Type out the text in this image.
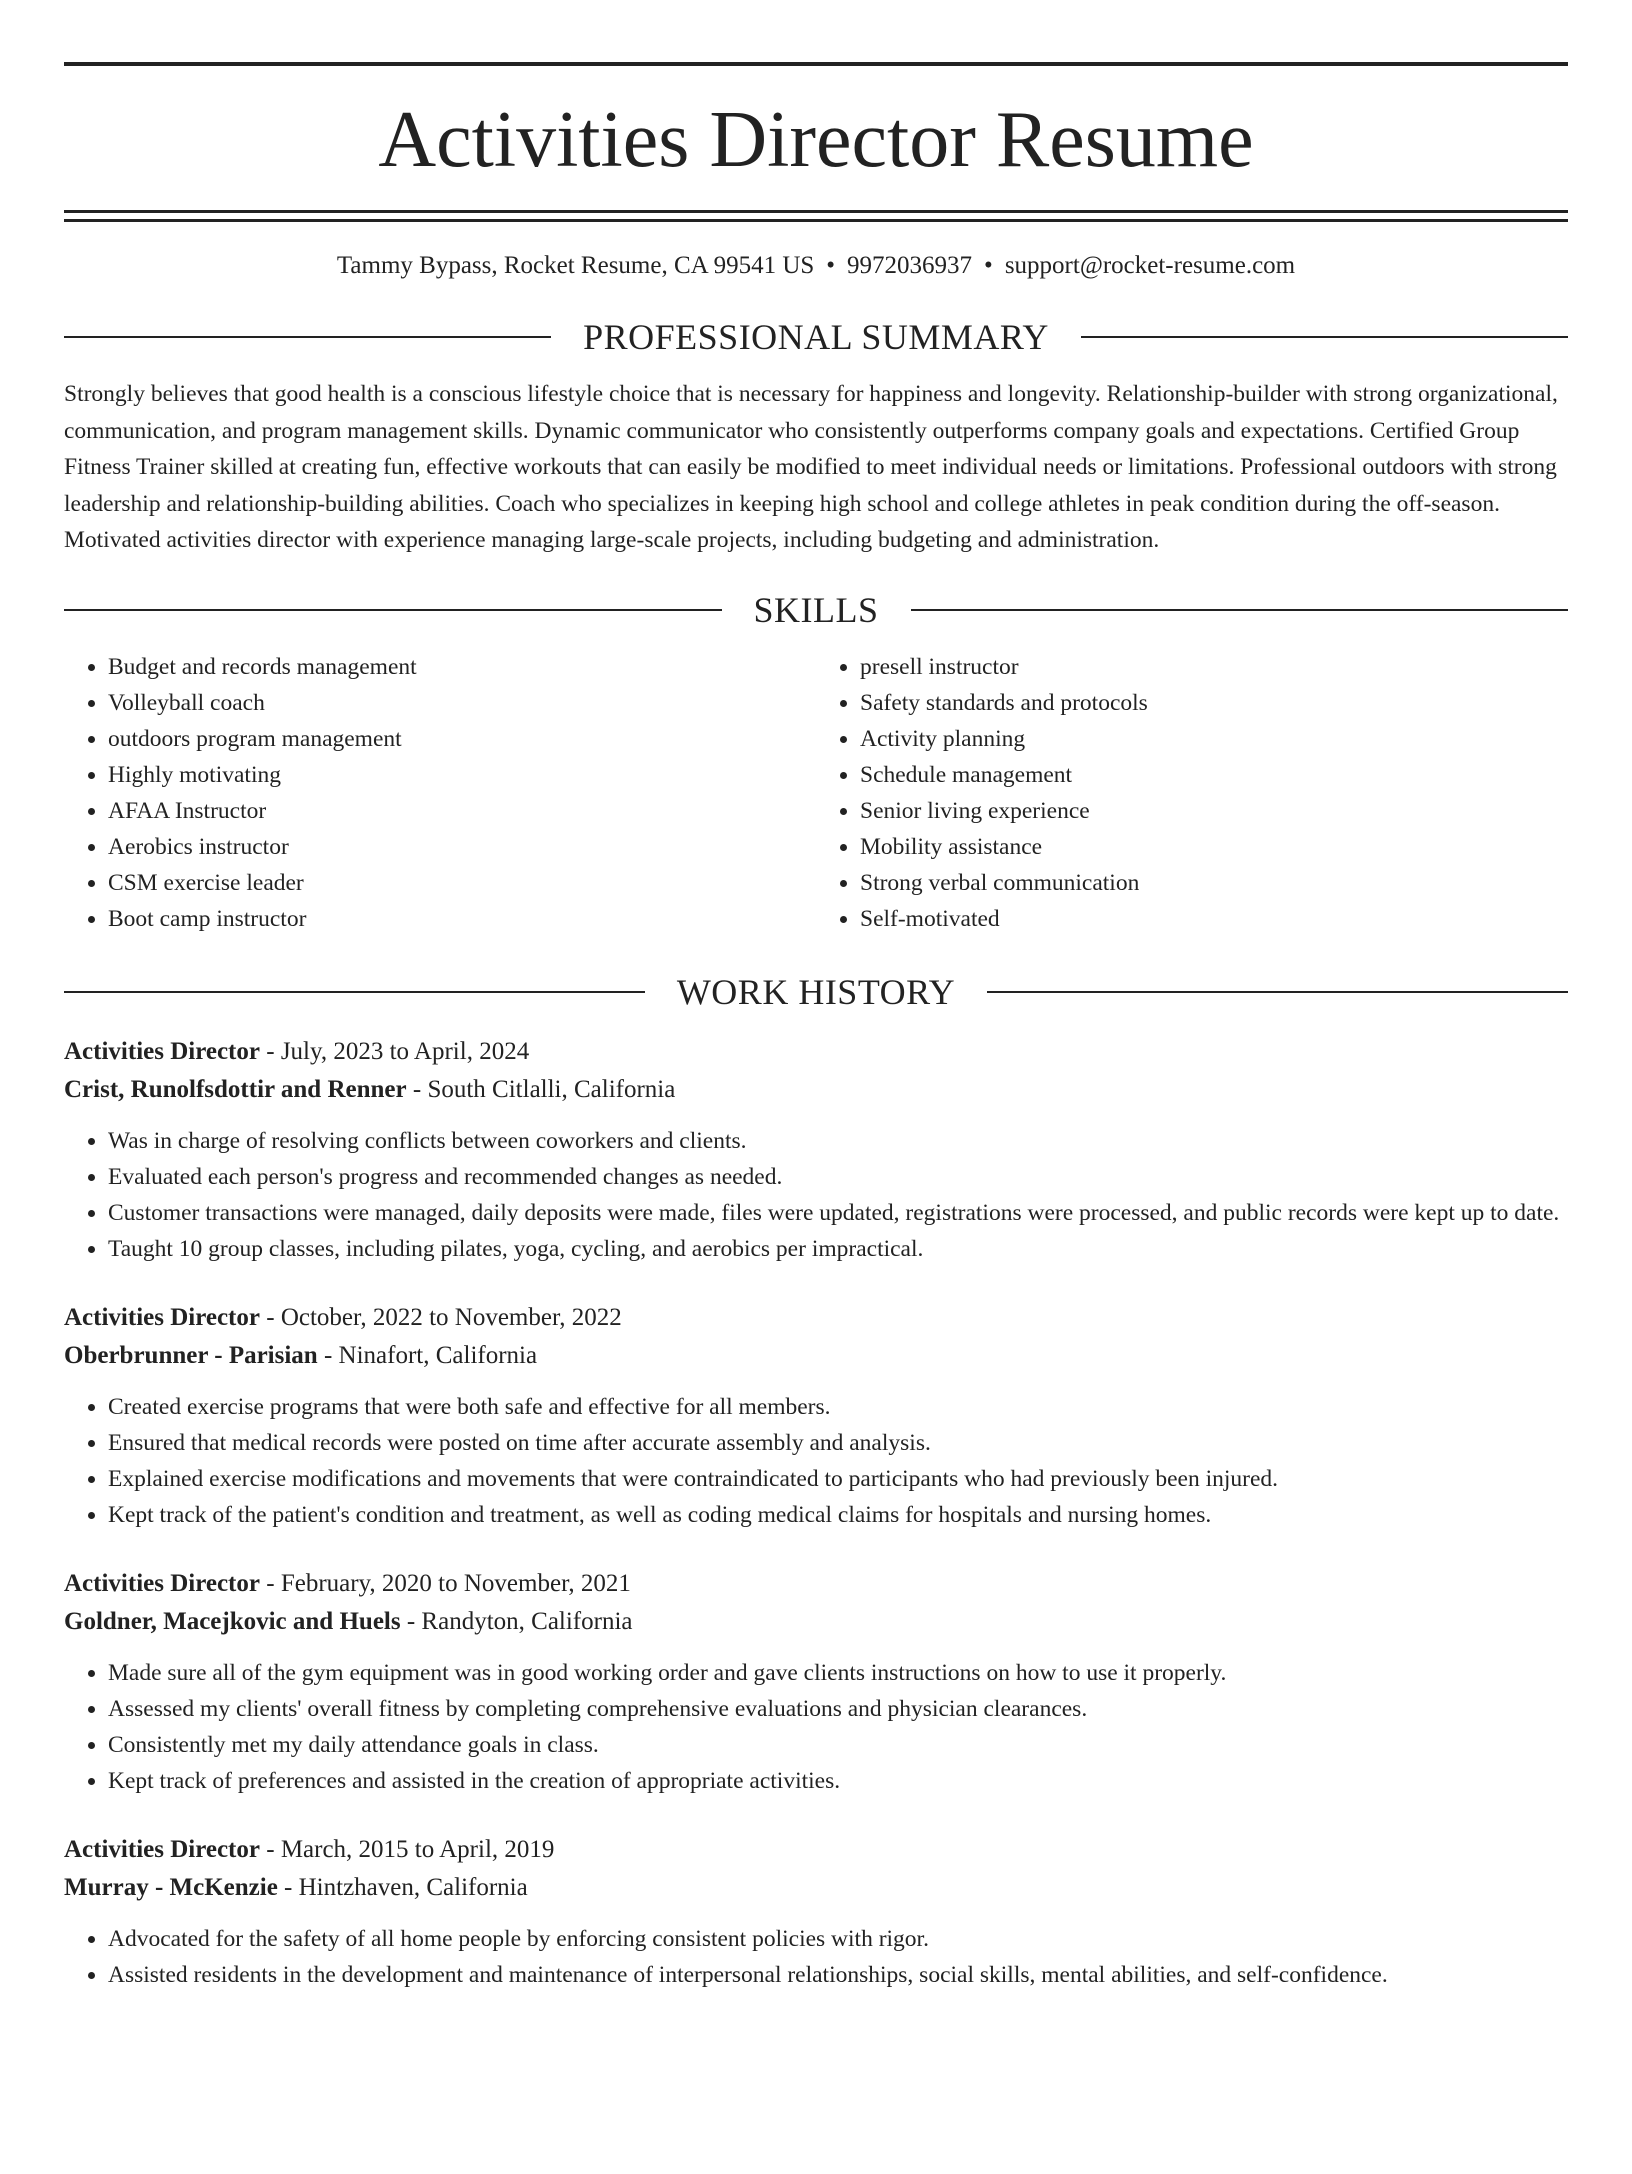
Activities Director Resume
Tammy Bypass, Rocket Resume, CA 99541 US • 9972036937 • support@rocket-resume.com
PROFESSIONAL SUMMARY
Strongly believes that good health is a conscious lifestyle choice that is necessary for happiness and longevity. Relationship-builder with strong organizational, communication, and program management skills. Dynamic communicator who consistently outperforms company goals and expectations. Certified Group Fitness Trainer skilled at creating fun, effective workouts that can easily be modified to meet individual needs or limitations. Professional outdoors with strong leadership and relationship-building abilities. Coach who specializes in keeping high school and college athletes in peak condition during the off-season. Motivated activities director with experience managing large-scale projects, including budgeting and administration.
SKILLS
• Budget and records management
• Volleyball coach
• outdoors program management
• Highly motivating
• AFAA Instructor
• Aerobics instructor
• CSM exercise leader
• Boot camp instructor
• presell instructor
• Safety standards and protocols
• Activity planning
• Schedule management
• Senior living experience
• Mobility assistance
• Strong verbal communication
• Self-motivated
WORK HISTORY
Activities Director - July, 2023 to April, 2024
Crist, Runolfsdottir and Renner - South Citlalli, California
• Was in charge of resolving conflicts between coworkers and clients.
• Evaluated each person's progress and recommended changes as needed.
• Customer transactions were managed, daily deposits were made, files were updated, registrations were processed, and public records were kept up to date.
• Taught 10 group classes, including pilates, yoga, cycling, and aerobics per impractical.
Activities Director - October, 2022 to November, 2022
Oberbrunner - Parisian - Ninafort, California
• Created exercise programs that were both safe and effective for all members.
• Ensured that medical records were posted on time after accurate assembly and analysis.
• Explained exercise modifications and movements that were contraindicated to participants who had previously been injured.
• Kept track of the patient's condition and treatment, as well as coding medical claims for hospitals and nursing homes.
Activities Director - February, 2020 to November, 2021
Goldner, Macejkovic and Huels - Randyton, California
• Made sure all of the gym equipment was in good working order and gave clients instructions on how to use it properly.
• Assessed my clients' overall fitness by completing comprehensive evaluations and physician clearances.
• Consistently met my daily attendance goals in class.
• Kept track of preferences and assisted in the creation of appropriate activities.
Activities Director - March, 2015 to April, 2019
Murray - McKenzie - Hintzhaven, California
• Advocated for the safety of all home people by enforcing consistent policies with rigor.
• Assisted residents in the development and maintenance of interpersonal relationships, social skills, mental abilities, and self-confidence.
